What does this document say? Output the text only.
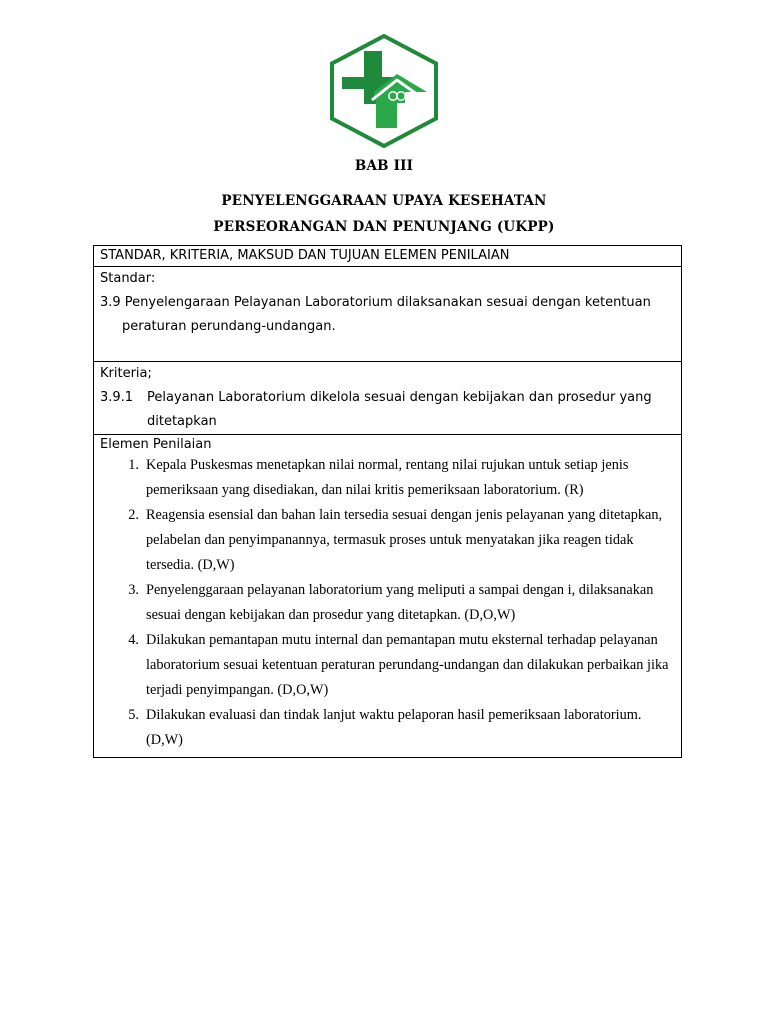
BAB III

PENYELENGGARAAN UPAYA KESEHATAN

PERSEORANGAN DAN PENUNJANG (UKPP)

STANDAR, KRITERIA, MAKSUD DAN TUJUAN ELEMEN PENILAIAN

Standar:
3.9 Penyelengaraan Pelayanan Laboratorium dilaksanakan sesuai dengan ketentuan peraturan perundang-undangan.

Kriteria;
3.9.1	Pelayanan Laboratorium dikelola sesuai dengan kebijakan dan prosedur yang ditetapkan

Elemen Penilaian
1. Kepala Puskesmas menetapkan nilai normal, rentang nilai rujukan untuk setiap jenis pemeriksaan yang disediakan, dan nilai kritis pemeriksaan laboratorium. (R)
2. Reagensia esensial dan bahan lain tersedia sesuai dengan jenis pelayanan yang ditetapkan, pelabelan dan penyimpanannya, termasuk proses untuk menyatakan jika reagen tidak tersedia. (D,W)
3. Penyelenggaraan pelayanan laboratorium yang meliputi a sampai dengan i, dilaksanakan sesuai dengan kebijakan dan prosedur yang ditetapkan. (D,O,W)
4. Dilakukan pemantapan mutu internal dan pemantapan mutu eksternal terhadap pelayanan laboratorium sesuai ketentuan peraturan perundang-undangan dan dilakukan perbaikan jika terjadi penyimpangan. (D,O,W)
5. Dilakukan evaluasi dan tindak lanjut waktu pelaporan hasil pemeriksaan laboratorium. (D,W)
